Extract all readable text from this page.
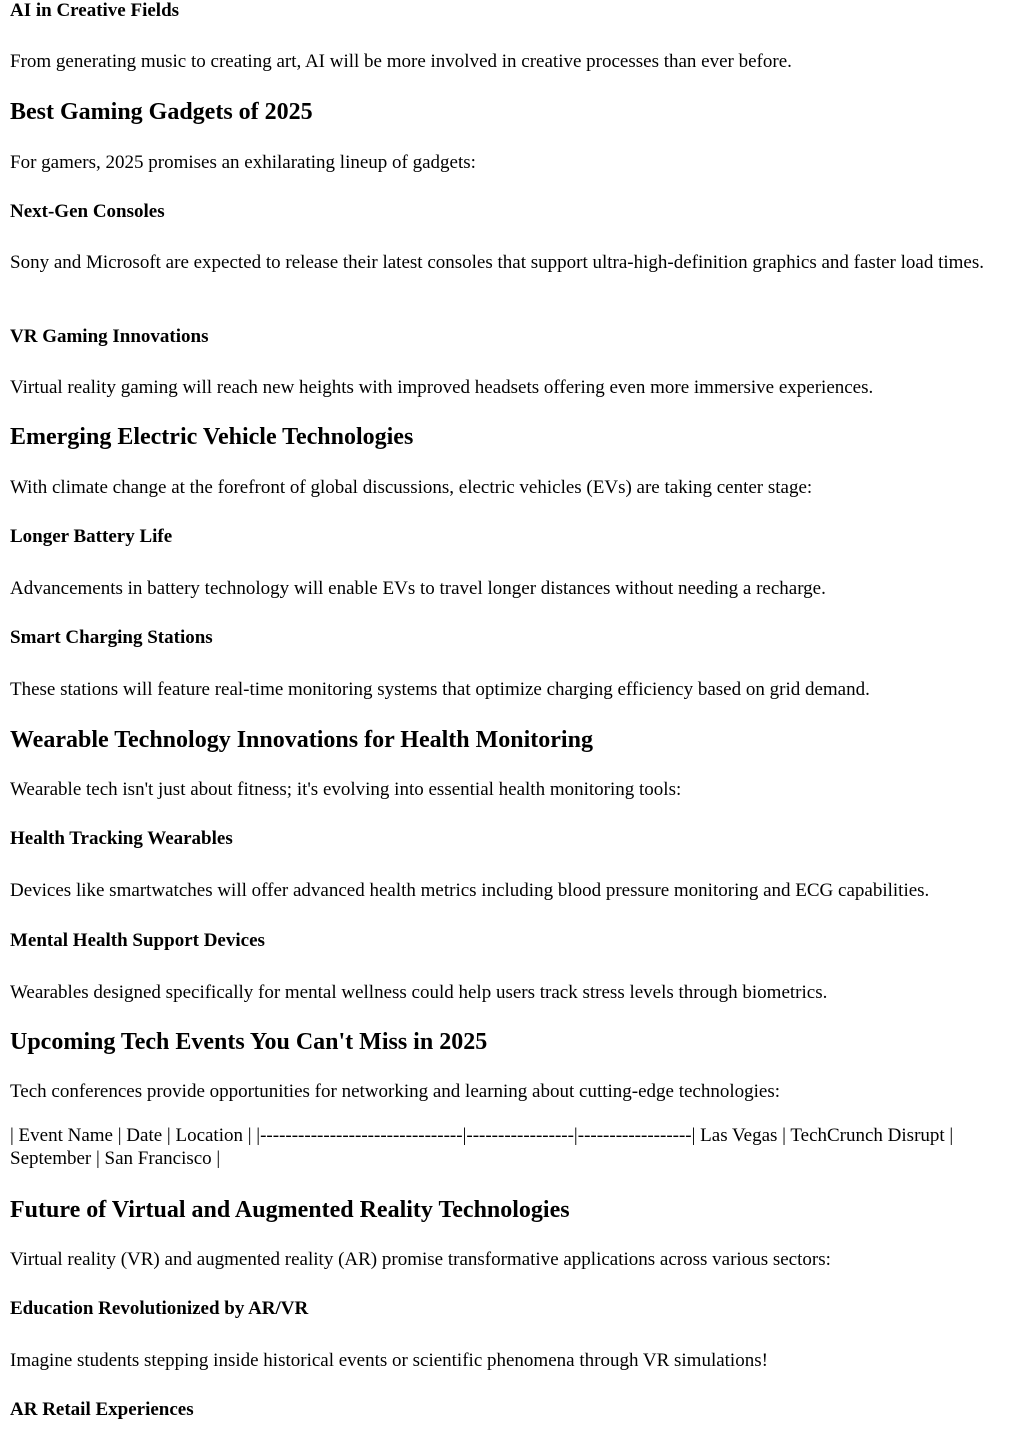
AI in Creative Fields

From generating music to creating art, AI will be more involved in creative processes than ever before.

Best Gaming Gadgets of 2025

For gamers, 2025 promises an exhilarating lineup of gadgets:

Next-Gen Consoles

Sony and Microsoft are expected to release their latest consoles that support ultra-high-definition graphics and faster load times.

VR Gaming Innovations

Virtual reality gaming will reach new heights with improved headsets offering even more immersive experiences.

Emerging Electric Vehicle Technologies

With climate change at the forefront of global discussions, electric vehicles (EVs) are taking center stage:

Longer Battery Life

Advancements in battery technology will enable EVs to travel longer distances without needing a recharge.

Smart Charging Stations

These stations will feature real-time monitoring systems that optimize charging efficiency based on grid demand.

Wearable Technology Innovations for Health Monitoring

Wearable tech isn't just about fitness; it's evolving into essential health monitoring tools:

Health Tracking Wearables

Devices like smartwatches will offer advanced health metrics including blood pressure monitoring and ECG capabilities.

Mental Health Support Devices

Wearables designed specifically for mental wellness could help users track stress levels through biometrics.

Upcoming Tech Events You Can't Miss in 2025

Tech conferences provide opportunities for networking and learning about cutting-edge technologies:

| Event Name | Date | Location | |--------------------------------|-----------------|------------------| Las Vegas | TechCrunch Disrupt | September | San Francisco |

Future of Virtual and Augmented Reality Technologies

Virtual reality (VR) and augmented reality (AR) promise transformative applications across various sectors:

Education Revolutionized by AR/VR

Imagine students stepping inside historical events or scientific phenomena through VR simulations!

AR Retail Experiences
